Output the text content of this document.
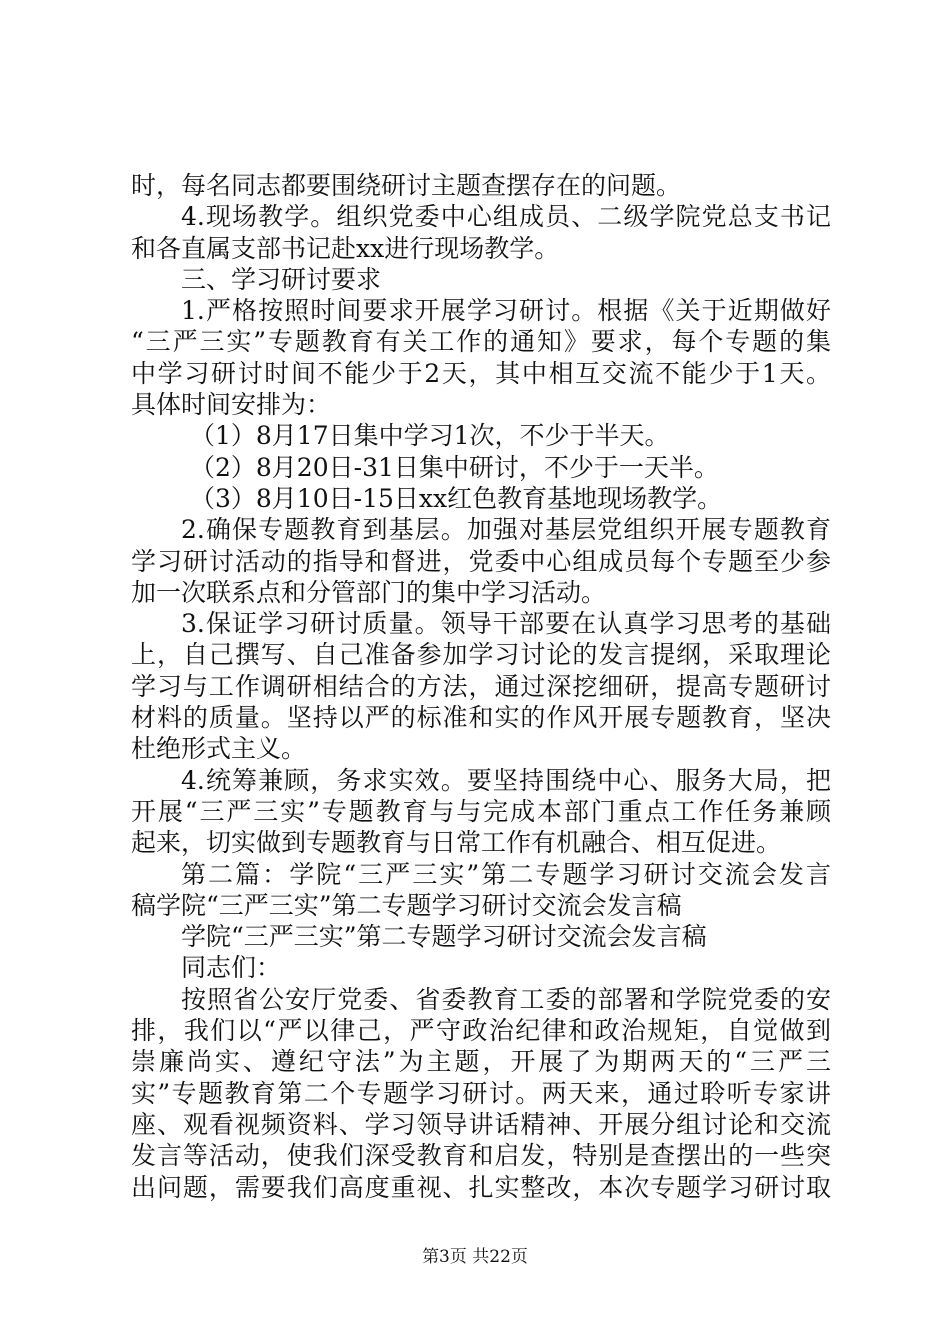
时，每名同志都要围绕研讨主题查摆存在的问题。
4.现场教学。组织党委中心组成员、二级学院党总支书记
和各直属支部书记赴xx进行现场教学。
三、学习研讨要求
1.严格按照时间要求开展学习研讨。根据《关于近期做好
“三严三实”专题教育有关工作的通知》要求，每个专题的集
中学习研讨时间不能少于2天，其中相互交流不能少于1天。
具体时间安排为：
（1）8月17日集中学习1次，不少于半天。
（2）8月20日-31日集中研讨，不少于一天半。
（3）8月10日-15日xx红色教育基地现场教学。
2.确保专题教育到基层。加强对基层党组织开展专题教育
学习研讨活动的指导和督进，党委中心组成员每个专题至少参
加一次联系点和分管部门的集中学习活动。
3.保证学习研讨质量。领导干部要在认真学习思考的基础
上，自己撰写、自己准备参加学习讨论的发言提纲，采取理论
学习与工作调研相结合的方法，通过深挖细研，提高专题研讨
材料的质量。坚持以严的标准和实的作风开展专题教育，坚决
杜绝形式主义。
4.统筹兼顾，务求实效。要坚持围绕中心、服务大局，把
开展“三严三实”专题教育与与完成本部门重点工作任务兼顾
起来，切实做到专题教育与日常工作有机融合、相互促进。
第二篇：学院“三严三实”第二专题学习研讨交流会发言
稿学院“三严三实”第二专题学习研讨交流会发言稿
学院“三严三实”第二专题学习研讨交流会发言稿
同志们：
按照省公安厅党委、省委教育工委的部署和学院党委的安
排，我们以“严以律己，严守政治纪律和政治规矩，自觉做到
崇廉尚实、遵纪守法”为主题，开展了为期两天的“三严三
实”专题教育第二个专题学习研讨。两天来，通过聆听专家讲
座、观看视频资料、学习领导讲话精神、开展分组讨论和交流
发言等活动，使我们深受教育和启发，特别是查摆出的一些突
出问题，需要我们高度重视、扎实整改，本次专题学习研讨取
第3页 共22页
